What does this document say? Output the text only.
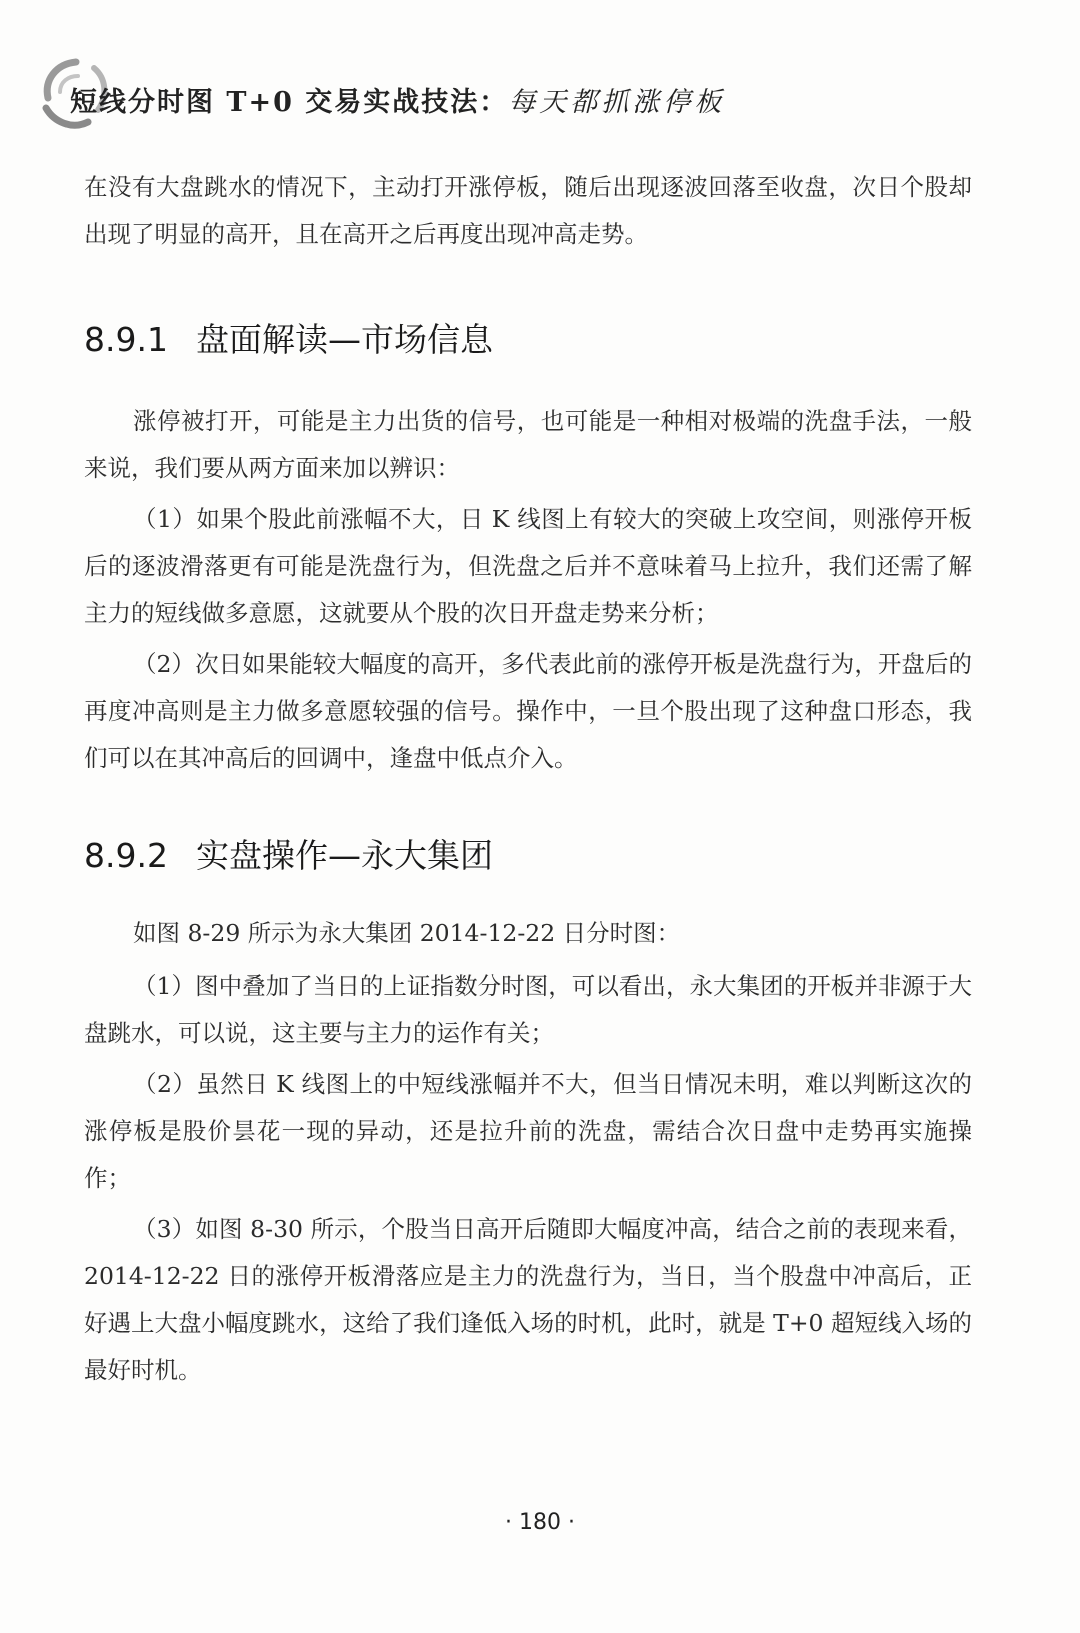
短线分时图 T+0 交易实战技法：每天都抓涨停板

在没有大盘跳水的情况下，主动打开涨停板，随后出现逐波回落至收盘，次日个股却出现了明显的高开，且在高开之后再度出现冲高走势。

8.9.1 盘面解读—市场信息

涨停被打开，可能是主力出货的信号，也可能是一种相对极端的洗盘手法，一般来说，我们要从两方面来加以辨识：

（1）如果个股此前涨幅不大，日 K 线图上有较大的突破上攻空间，则涨停开板后的逐波滑落更有可能是洗盘行为，但洗盘之后并不意味着马上拉升，我们还需了解主力的短线做多意愿，这就要从个股的次日开盘走势来分析；

（2）次日如果能较大幅度的高开，多代表此前的涨停开板是洗盘行为，开盘后的再度冲高则是主力做多意愿较强的信号。操作中，一旦个股出现了这种盘口形态，我们可以在其冲高后的回调中，逢盘中低点介入。

8.9.2 实盘操作—永大集团

如图 8-29 所示为永大集团 2014-12-22 日分时图：

（1）图中叠加了当日的上证指数分时图，可以看出，永大集团的开板并非源于大盘跳水，可以说，这主要与主力的运作有关；

（2）虽然日 K 线图上的中短线涨幅并不大，但当日情况未明，难以判断这次的涨停板是股价昙花一现的异动，还是拉升前的洗盘，需结合次日盘中走势再实施操作；

（3）如图 8-30 所示，个股当日高开后随即大幅度冲高，结合之前的表现来看，2014-12-22 日的涨停开板滑落应是主力的洗盘行为，当日，当个股盘中冲高后，正好遇上大盘小幅度跳水，这给了我们逢低入场的时机，此时，就是 T+0 超短线入场的最好时机。

· 180 ·
